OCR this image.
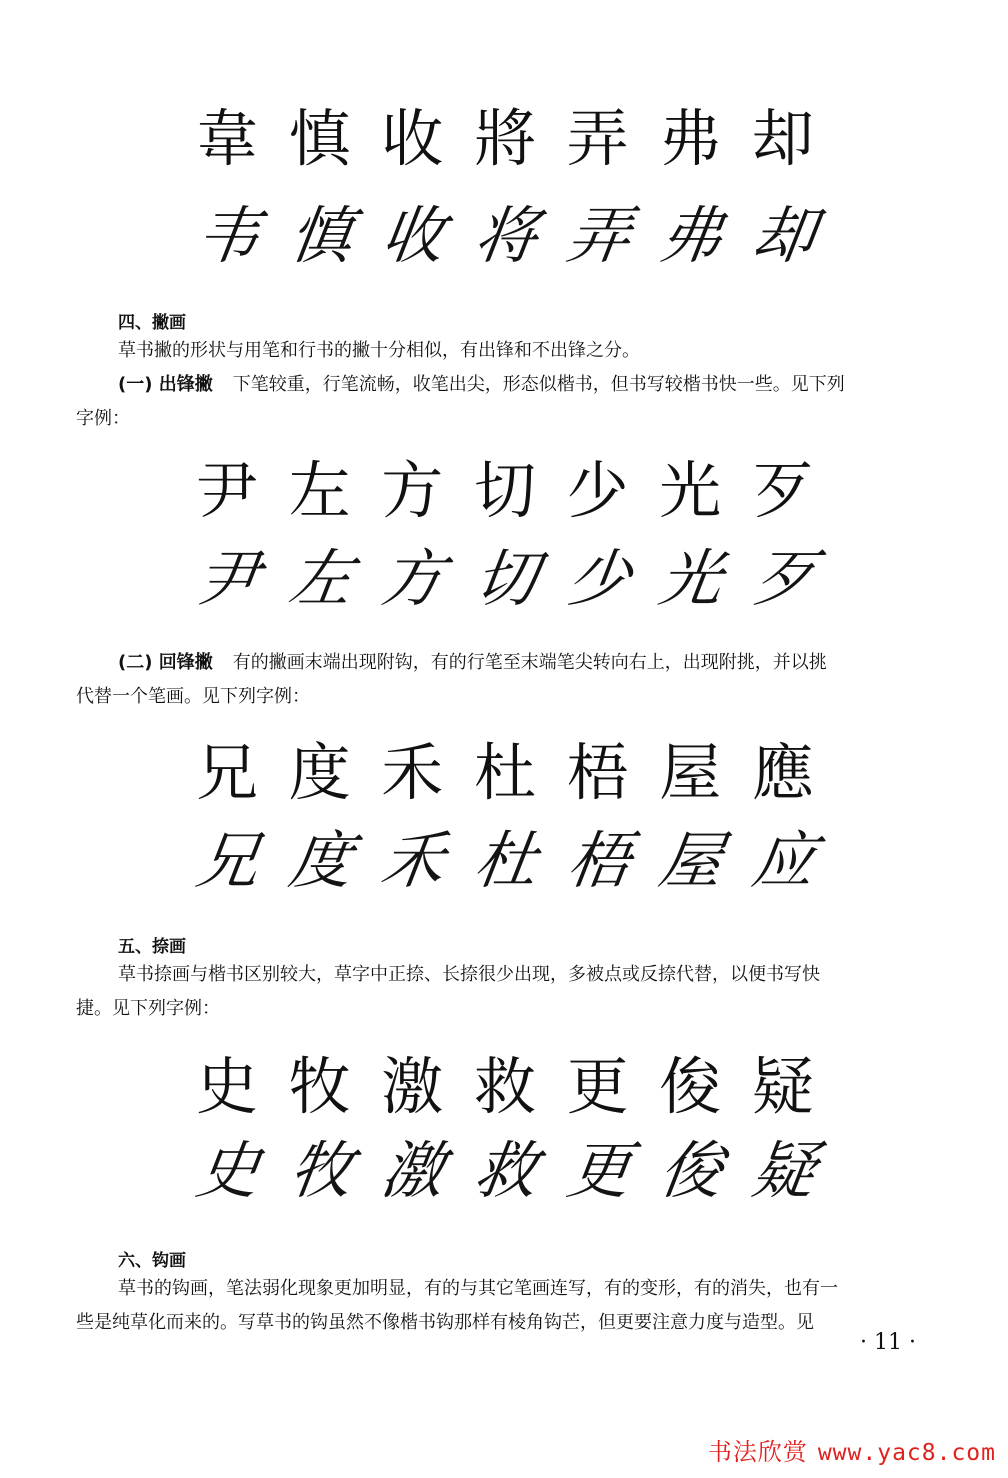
韋 慎 收 將 弄 弗 却
韦 慎 收 将 弄 弗 却
四、撇画
草书撇的形状与用笔和行书的撇十分相似，有出锋和不出锋之分。
(一) 出锋撇 下笔较重，行笔流畅，收笔出尖，形态似楷书，但书写较楷书快一些。见下列
字例：
尹 左 方 切 少 光 歹
尹 左 方 切 少 光 歹
(二) 回锋撇 有的撇画末端出现附钩，有的行笔至末端笔尖转向右上，出现附挑，并以挑
代替一个笔画。见下列字例：
兄 度 禾 杜 梧 屋 應
兄 度 禾 杜 梧 屋 应
五、捺画
草书捺画与楷书区别较大，草字中正捺、长捺很少出现，多被点或反捺代替，以便书写快
捷。见下列字例：
史 牧 激 救 更 俊 疑
史 牧 激 救 更 俊 疑
六、钩画
草书的钩画，笔法弱化现象更加明显，有的与其它笔画连写，有的变形，有的消失，也有一
些是纯草化而来的。写草书的钩虽然不像楷书钩那样有棱角钩芒，但更要注意力度与造型。见
· 11 ·
书法欣赏 www.yac8.com
